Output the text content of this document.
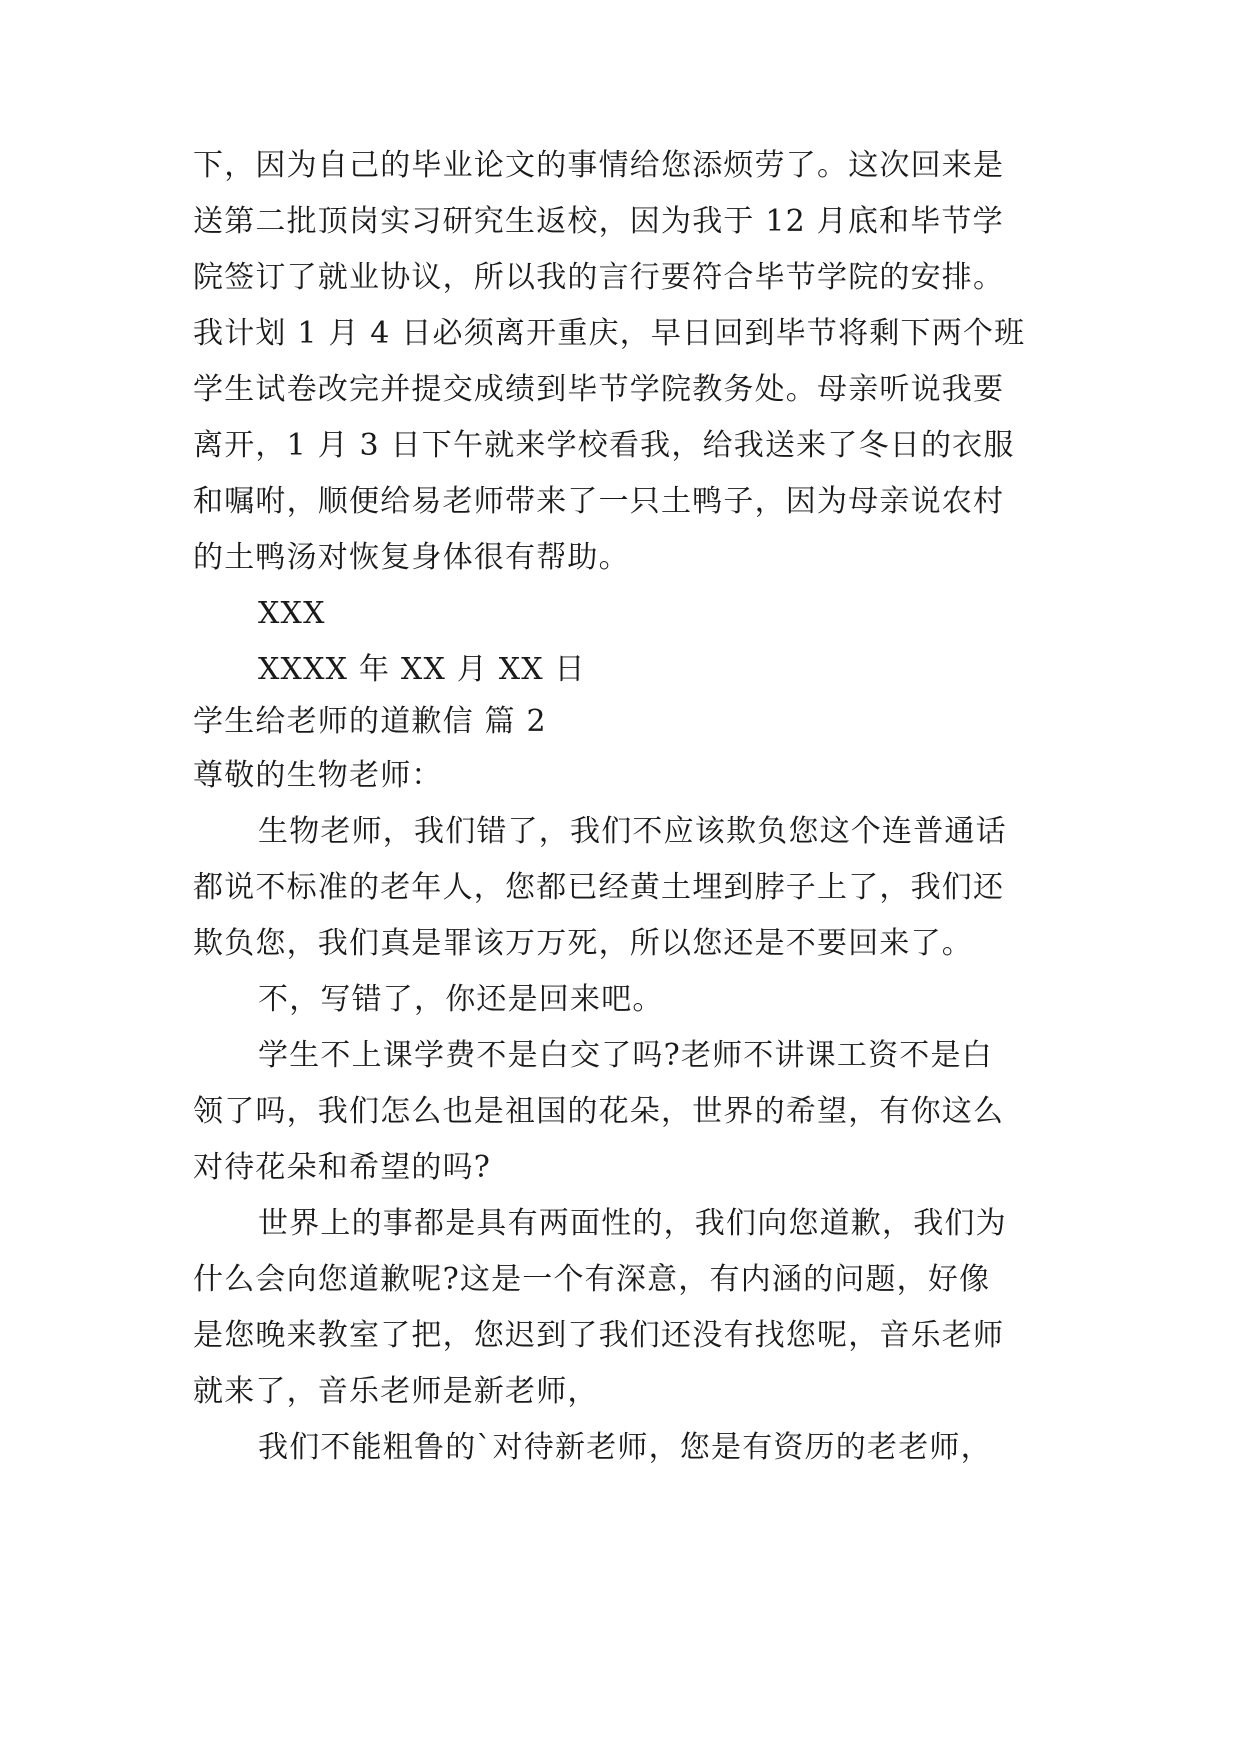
下，因为自己的毕业论文的事情给您添烦劳了。这次回来是
送第二批顶岗实习研究生返校，因为我于 12 月底和毕节学
院签订了就业协议，所以我的言行要符合毕节学院的安排。
我计划 1 月 4 日必须离开重庆，早日回到毕节将剩下两个班
学生试卷改完并提交成绩到毕节学院教务处。母亲听说我要
离开，1 月 3 日下午就来学校看我，给我送来了冬日的衣服
和嘱咐，顺便给易老师带来了一只土鸭子，因为母亲说农村
的土鸭汤对恢复身体很有帮助。
XXX
XXXX 年 XX 月 XX 日
学生给老师的道歉信 篇 2
尊敬的生物老师：
生物老师，我们错了，我们不应该欺负您这个连普通话
都说不标准的老年人，您都已经黄土埋到脖子上了，我们还
欺负您，我们真是罪该万万死，所以您还是不要回来了。
不，写错了，你还是回来吧。
学生不上课学费不是白交了吗?老师不讲课工资不是白
领了吗，我们怎么也是祖国的花朵，世界的希望，有你这么
对待花朵和希望的吗?
世界上的事都是具有两面性的，我们向您道歉，我们为
什么会向您道歉呢?这是一个有深意，有内涵的问题，好像
是您晚来教室了把，您迟到了我们还没有找您呢，音乐老师
就来了，音乐老师是新老师，
我们不能粗鲁的`对待新老师，您是有资历的老老师，
